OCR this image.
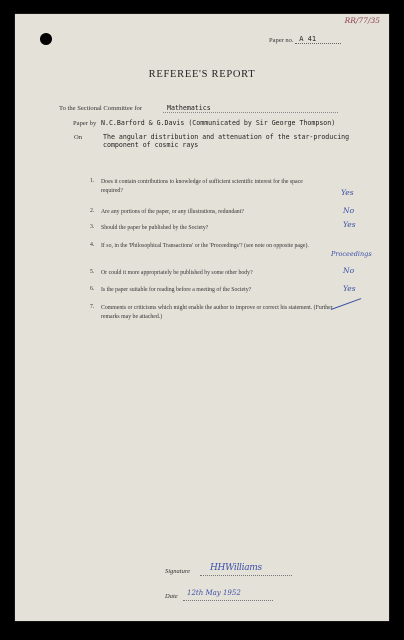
RR/77/35
Paper no. A 41
REFEREE'S REPORT
To the Sectional Committee for	Mathematics
Paper by N.C.Barford & G.Davis (Communicated by Sir George Thompson)
On	The angular distribution and attenuation of the star-producing component of cosmic rays
1. Does it contain contributions to knowledge of sufficient scientific interest for the space required?	Yes
2. Are any portions of the paper, or any illustrations, redundant?	No
3. Should the paper be published by the Society?	Yes
4. If so, in the 'Philosophical Transactions' or the 'Proceedings'? (see note on opposite page).
Proceedings
5. Or could it more appropriately be published by some other body?	No
6. Is the paper suitable for reading before a meeting of the Society?	Yes
7. Comments or criticisms which might enable the author to improve or correct his statement. (Further remarks may be attached.)
Signature HHWilliams
Date 12th May 1952
